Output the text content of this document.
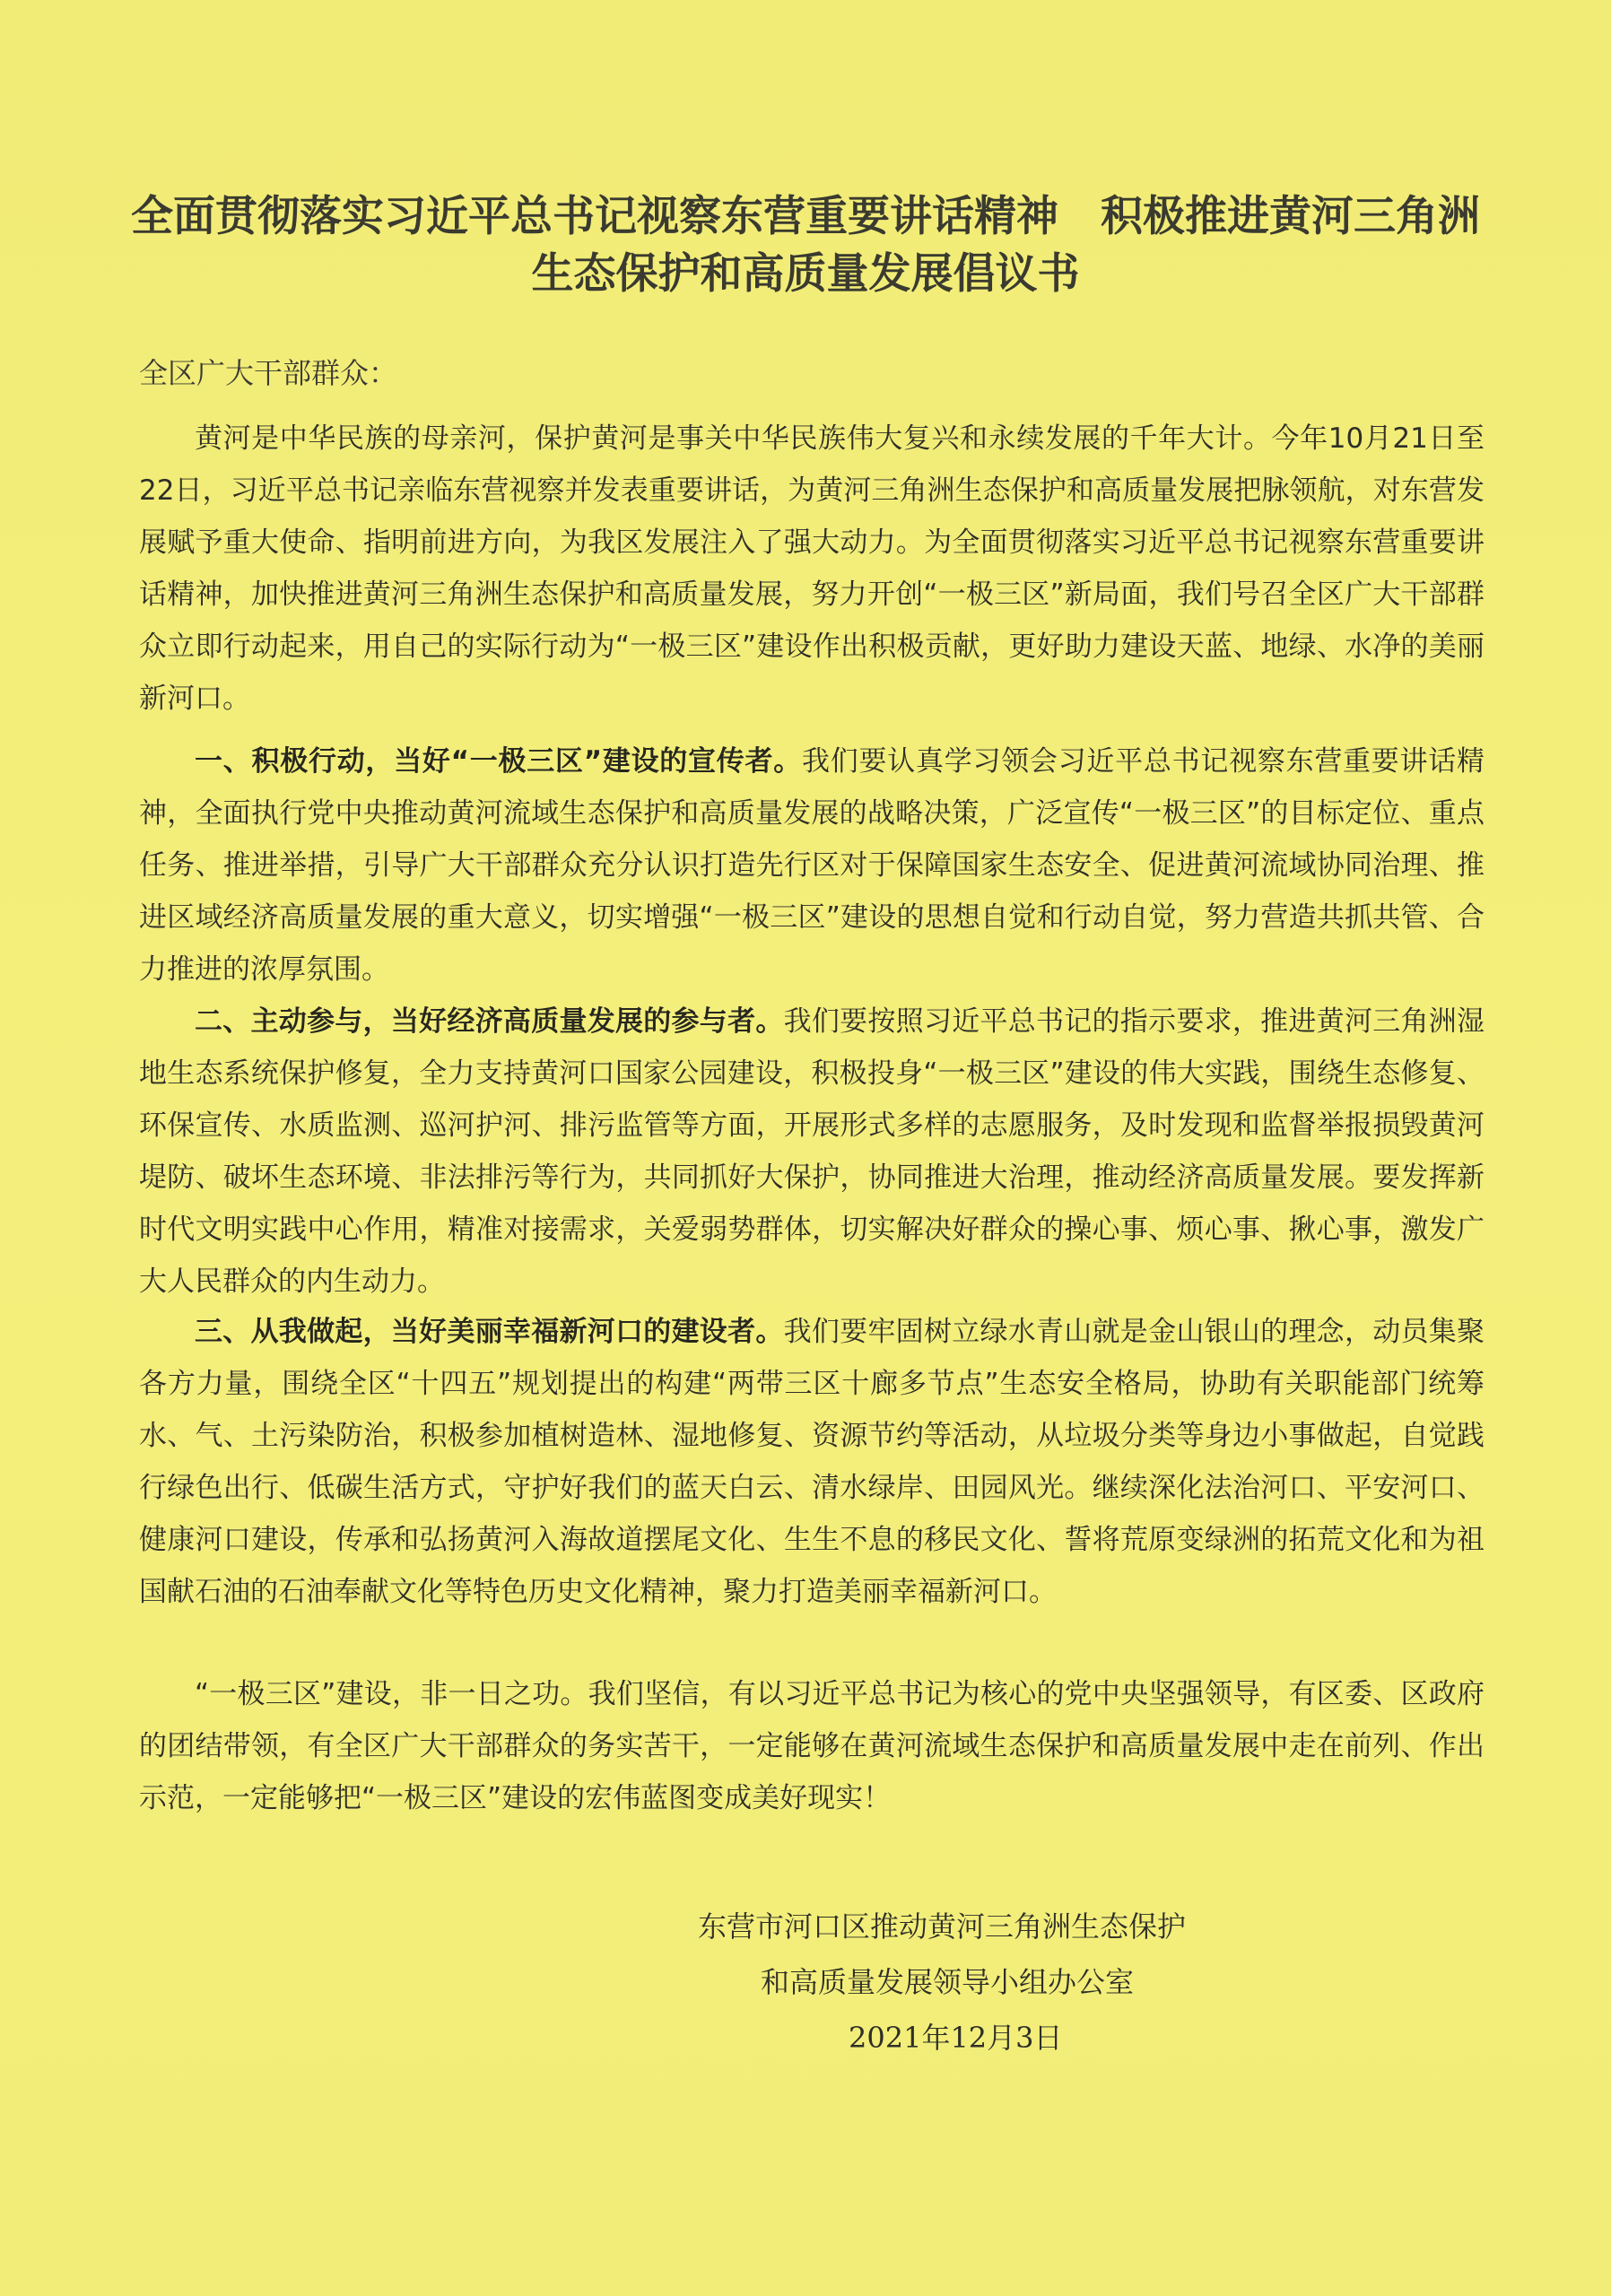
全面贯彻落实习近平总书记视察东营重要讲话精神　积极推进黄河三角洲
生态保护和高质量发展倡议书
全区广大干部群众：

黄河是中华民族的母亲河，保护黄河是事关中华民族伟大复兴和永续发展的千年大计。今年10月21日至22日，习近平总书记亲临东营视察并发表重要讲话，为黄河三角洲生态保护和高质量发展把脉领航，对东营发展赋予重大使命、指明前进方向，为我区发展注入了强大动力。为全面贯彻落实习近平总书记视察东营重要讲话精神，加快推进黄河三角洲生态保护和高质量发展，努力开创“一极三区”新局面，我们号召全区广大干部群众立即行动起来，用自己的实际行动为“一极三区”建设作出积极贡献，更好助力建设天蓝、地绿、水净的美丽新河口。

一、积极行动，当好“一极三区”建设的宣传者。我们要认真学习领会习近平总书记视察东营重要讲话精神，全面执行党中央推动黄河流域生态保护和高质量发展的战略决策，广泛宣传“一极三区”的目标定位、重点任务、推进举措，引导广大干部群众充分认识打造先行区对于保障国家生态安全、促进黄河流域协同治理、推进区域经济高质量发展的重大意义，切实增强“一极三区”建设的思想自觉和行动自觉，努力营造共抓共管、合力推进的浓厚氛围。

二、主动参与，当好经济高质量发展的参与者。我们要按照习近平总书记的指示要求，推进黄河三角洲湿地生态系统保护修复，全力支持黄河口国家公园建设，积极投身“一极三区”建设的伟大实践，围绕生态修复、环保宣传、水质监测、巡河护河、排污监管等方面，开展形式多样的志愿服务，及时发现和监督举报损毁黄河堤防、破坏生态环境、非法排污等行为，共同抓好大保护，协同推进大治理，推动经济高质量发展。要发挥新时代文明实践中心作用，精准对接需求，关爱弱势群体，切实解决好群众的操心事、烦心事、揪心事，激发广大人民群众的内生动力。

三、从我做起，当好美丽幸福新河口的建设者。我们要牢固树立绿水青山就是金山银山的理念，动员集聚各方力量，围绕全区“十四五”规划提出的构建“两带三区十廊多节点”生态安全格局，协助有关职能部门统筹水、气、土污染防治，积极参加植树造林、湿地修复、资源节约等活动，从垃圾分类等身边小事做起，自觉践行绿色出行、低碳生活方式，守护好我们的蓝天白云、清水绿岸、田园风光。继续深化法治河口、平安河口、健康河口建设，传承和弘扬黄河入海故道摆尾文化、生生不息的移民文化、誓将荒原变绿洲的拓荒文化和为祖国献石油的石油奉献文化等特色历史文化精神，聚力打造美丽幸福新河口。

“一极三区”建设，非一日之功。我们坚信，有以习近平总书记为核心的党中央坚强领导，有区委、区政府的团结带领，有全区广大干部群众的务实苦干，一定能够在黄河流域生态保护和高质量发展中走在前列、作出示范，一定能够把“一极三区”建设的宏伟蓝图变成美好现实！

东营市河口区推动黄河三角洲生态保护
和高质量发展领导小组办公室
2021年12月3日
